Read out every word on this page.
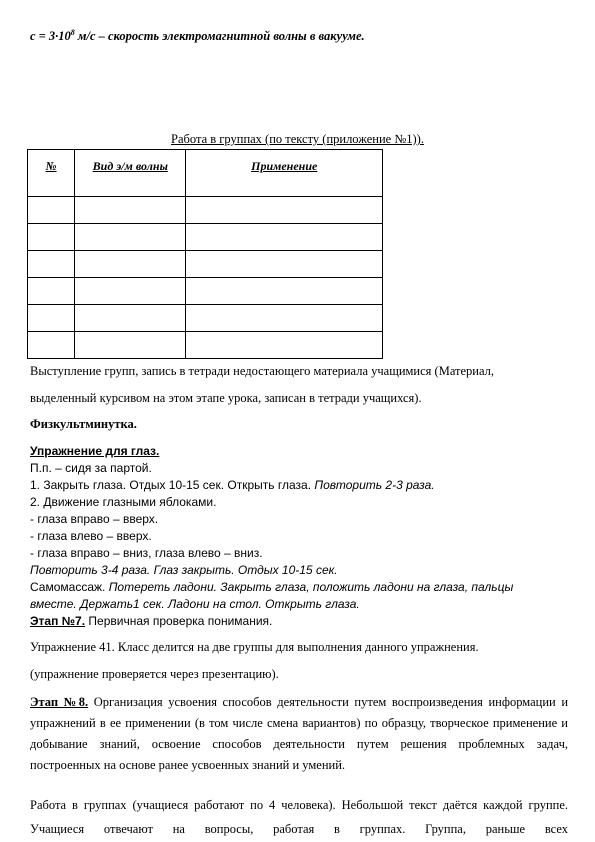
$c = 3\cdot 10^8$ м/с – скорость электромагнитной волны в вакууме.
Работа в группах (по тексту (приложение №1)).
№	Вид э/м волны	Применение

Выступление групп, запись в тетради недостающего материала учащимися (Материал,
выделенный курсивом на этом этапе урока, записан в тетради учащихся).
Физкультминутка.
Упражнение для глаз.
П.п. – сидя за партой.
1. Закрыть глаза. Отдых 10-15 сек. Открыть глаза. Повторить 2-3 раза.
2. Движение глазными яблоками.
- глаза вправо – вверх.
- глаза влево – вверх.
- глаза вправо – вниз, глаза влево – вниз.
Повторить 3-4 раза. Глаз закрыть. Отдых 10-15 сек.
Самомассаж. Потереть ладони. Закрыть глаза, положить ладони на глаза, пальцы
вместе. Держать1 сек. Ладони на стол. Открыть глаза.
Этап №7. Первичная проверка понимания.
Упражнение 41. Класс делится на две группы для выполнения данного упражнения.
(упражнение проверяется через презентацию).
Этап №8. Организация усвоения способов деятельности путем воспроизведения информации и упражнений в ее применении (в том числе смена вариантов) по образцу, творческое применение и добывание знаний, освоение способов деятельности путем решения проблемных задач, построенных на основе ранее усвоенных знаний и умений.
Работа в группах (учащиеся работают по 4 человека). Небольшой текст даётся каждой группе. Учащиеся отвечают на вопросы, работая в группах. Группа, раньше всех
